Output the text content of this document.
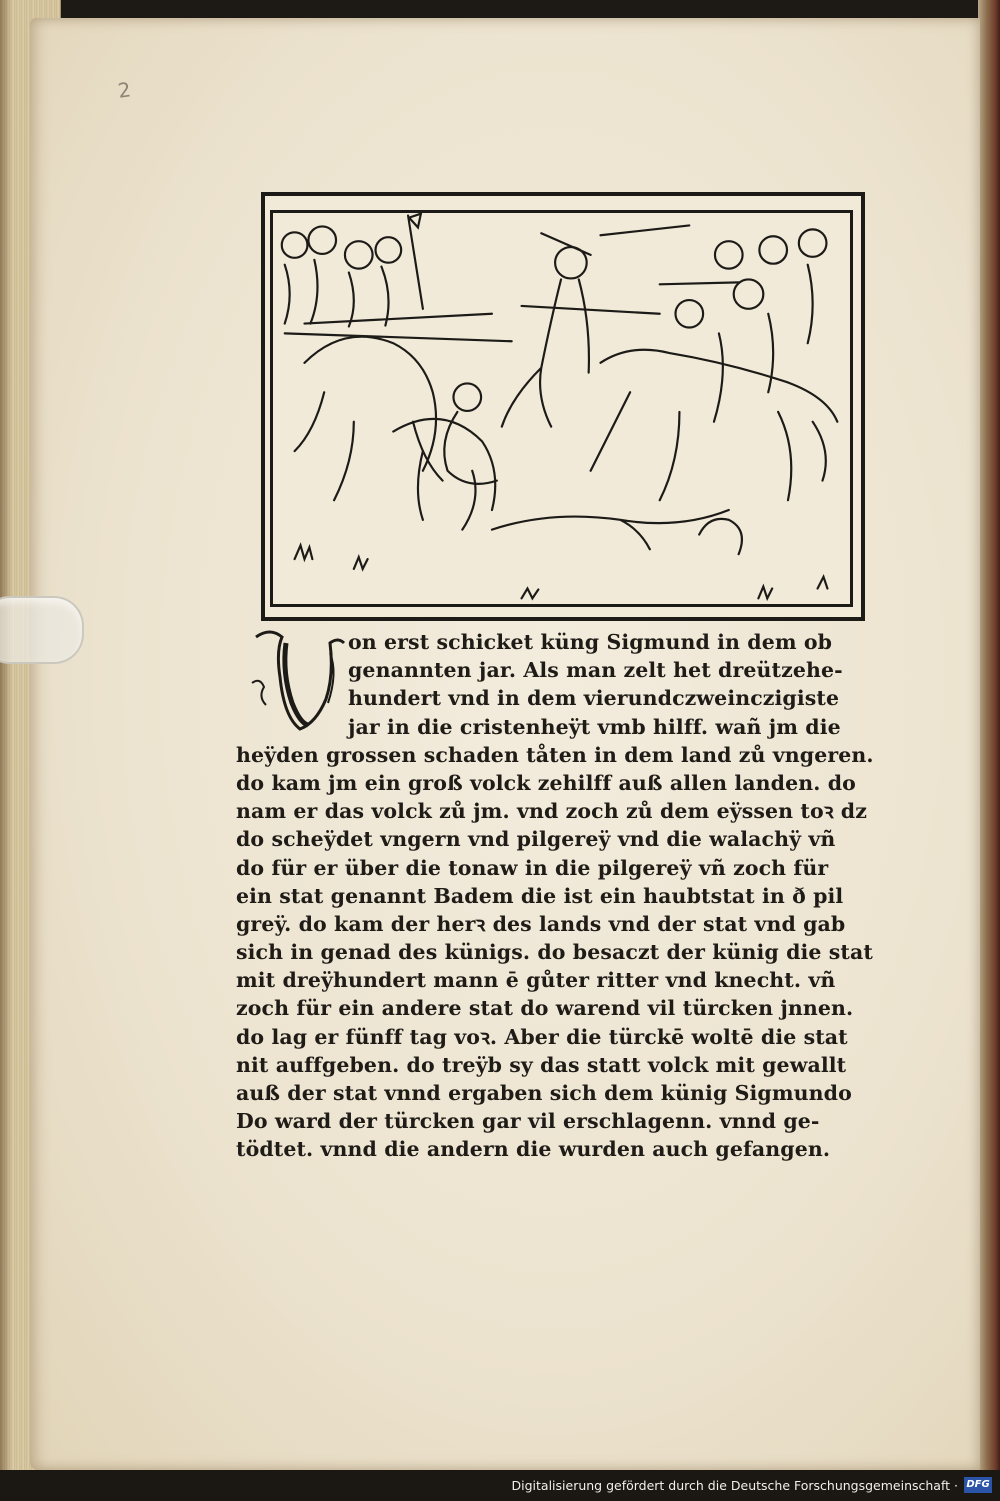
2
on erst schicket küng Sigmund in dem ob
genannten jar. Als man zelt het dreützehe-
hundert vnd in dem vierundczweinczigiste
jar in die cristenheÿt vmb hilff. wañ jm die
heÿden grossen schaden tåten in dem land zů vngeren.
do kam jm ein groß volck zehilff auß allen landen. do
nam er das volck zů jm. vnd zoch zů dem eÿssen toꝛ dz
do scheÿdet vngern vnd pilgereÿ vnd die walachÿ vñ
do für er über die tonaw in die pilgereÿ vñ zoch für
ein stat genannt Badem die ist ein haubtstat in ð pil
greÿ. do kam der herꝛ des lands vnd der stat vnd gab
sich in genad des künigs. do besaczt der künig die stat
mit dreÿhundert mann ē gůter ritter vnd knecht. vñ
zoch für ein andere stat do warend vil türcken jnnen.
do lag er fünff tag voꝛ. Aber die türckē woltē die stat
nit auffgeben. do treÿb sy das statt volck mit gewallt
auß der stat vnnd ergaben sich dem künig Sigmundo
Do ward der türcken gar vil erschlagenn. vnnd ge-
tödtet. vnnd die andern die wurden auch gefangen.
Digitalisierung gefördert durch die Deutsche Forschungsgemeinschaft · DFG
